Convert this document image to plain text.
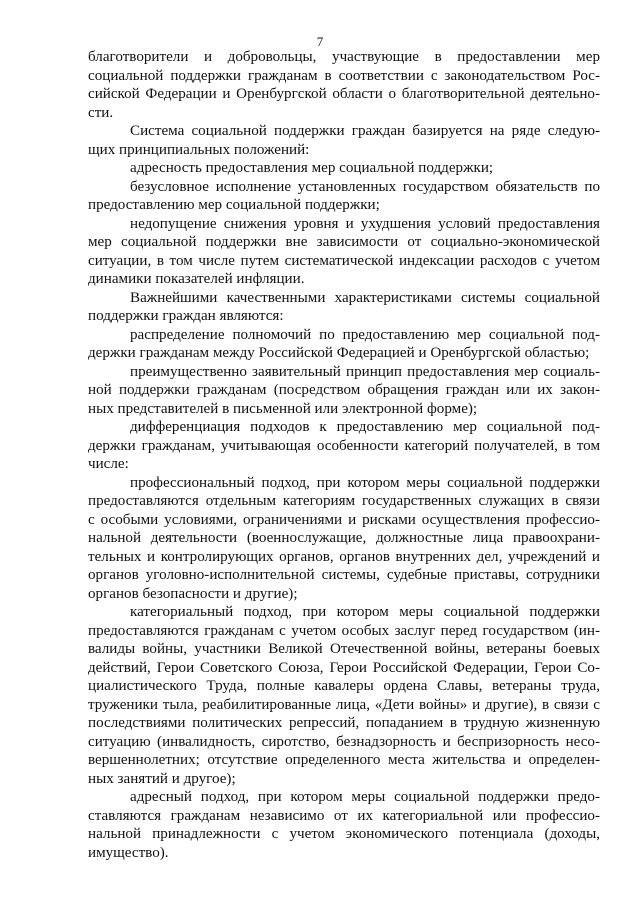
7
благотворители и добровольцы, участвующие в предоставлении мер
социальной поддержки гражданам в соответствии с законодательством Рос-
сийской Федерации и Оренбургской области о благотворительной деятельно-
сти.
Система социальной поддержки граждан базируется на ряде следую-
щих принципиальных положений:
адресность предоставления мер социальной поддержки;
безусловное исполнение установленных государством обязательств по
предоставлению мер социальной поддержки;
недопущение снижения уровня и ухудшения условий предоставления
мер социальной поддержки вне зависимости от социально-экономической
ситуации, в том числе путем систематической индексации расходов с учетом
динамики показателей инфляции.
Важнейшими качественными характеристиками системы социальной
поддержки граждан являются:
распределение полномочий по предоставлению мер социальной под-
держки гражданам между Российской Федерацией и Оренбургской областью;
преимущественно заявительный принцип предоставления мер социаль-
ной поддержки гражданам (посредством обращения граждан или их закон-
ных представителей в письменной или электронной форме);
дифференциация подходов к предоставлению мер социальной под-
держки гражданам, учитывающая особенности категорий получателей, в том
числе:
профессиональный подход, при котором меры социальной поддержки
предоставляются отдельным категориям государственных служащих в связи
с особыми условиями, ограничениями и рисками осуществления профессио-
нальной деятельности (военнослужащие, должностные лица правоохрани-
тельных и контролирующих органов, органов внутренних дел, учреждений и
органов уголовно-исполнительной системы, судебные приставы, сотрудники
органов безопасности и другие);
категориальный подход, при котором меры социальной поддержки
предоставляются гражданам с учетом особых заслуг перед государством (ин-
валиды войны, участники Великой Отечественной войны, ветераны боевых
действий, Герои Советского Союза, Герои Российской Федерации, Герои Со-
циалистического Труда, полные кавалеры ордена Славы, ветераны труда,
труженики тыла, реабилитированные лица, «Дети войны» и другие), в связи с
последствиями политических репрессий, попаданием в трудную жизненную
ситуацию (инвалидность, сиротство, безнадзорность и беспризорность несо-
вершеннолетних; отсутствие определенного места жительства и определен-
ных занятий и другое);
адресный подход, при котором меры социальной поддержки предо-
ставляются гражданам независимо от их категориальной или профессио-
нальной принадлежности с учетом экономического потенциала (доходы,
имущество).
